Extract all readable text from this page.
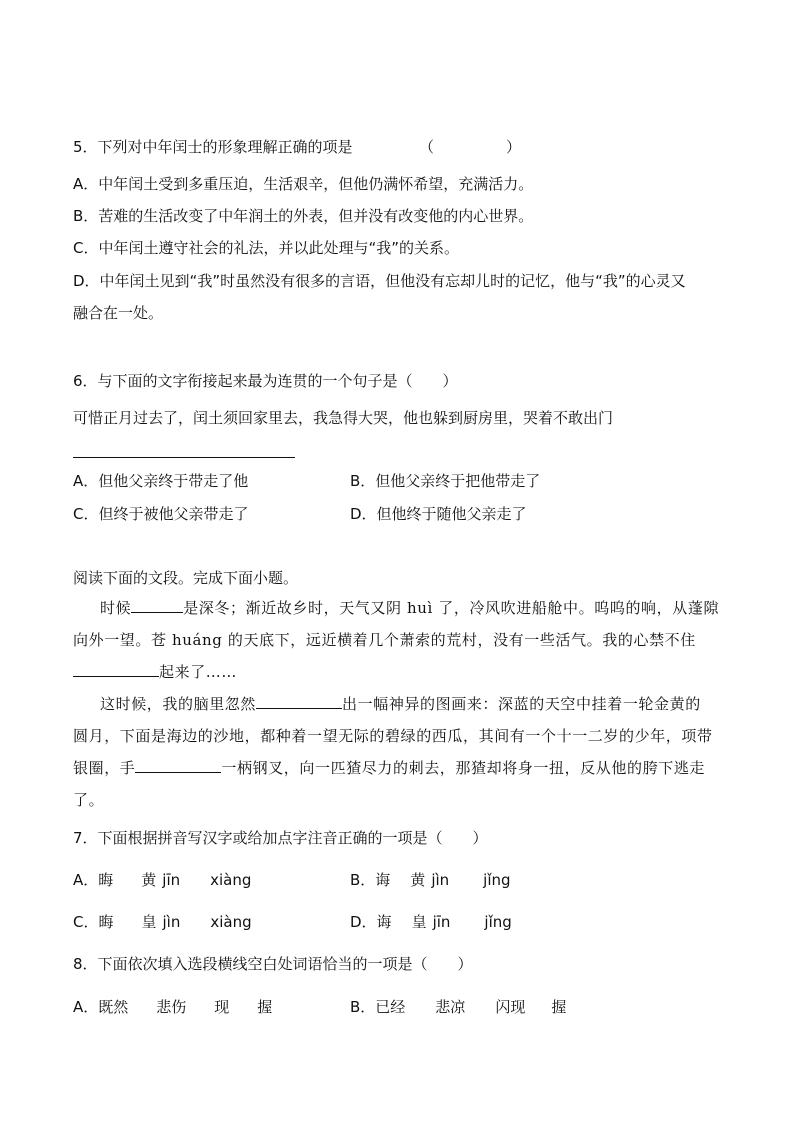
5．下列对中年闰士的形象理解正确的项是	（	）
A．中年闰土受到多重压迫，生活艰辛，但他仍满怀希望，充满活力。
B．苦难的生活改变了中年润土的外表，但并没有改变他的内心世界。
C．中年闰土遵守社会的礼法，并以此处理与“我”的关系。
D．中年闰土见到“我”时虽然没有很多的言语，但他没有忘却儿时的记忆，他与“我”的心灵又
融合在一处。
6．与下面的文字衔接起来最为连贯的一个句子是（　　）
可惜正月过去了，闰土须回家里去，我急得大哭，他也躲到厨房里，哭着不敢出门
A．但他父亲终于带走了他	B．但他父亲终于把他带走了
C．但终于被他父亲带走了	D．但他终于随他父亲走了
阅读下面的文段。完成下面小题。
时候	是深冬；渐近故乡时，天气又阴 huì 了，冷风吹进船舱中。呜呜的响，从蓬隙
向外一望。苍 huáng 的天底下，远近横着几个萧索的荒村，没有一些活气。我的心禁不住
起来了……
这时候，我的脑里忽然	出一幅神异的图画来：深蓝的天空中挂着一轮金黄的
圆月，下面是海边的沙地，都种着一望无际的碧绿的西瓜，其间有一个十一二岁的少年，项带
银圈，手	一柄钢叉，向一匹猹尽力的刺去，那猹却将身一扭，反从他的胯下逃走
了。
7．下面根据拼音写汉字或给加点字注音正确的一项是（　　）
A．晦 黄 jīn xiàng	B．诲 黄 jìn jǐng
C．晦 皇 jìn xiàng	D．诲 皇 jīn jǐng
8．下面依次填入选段横线空白处词语恰当的一项是（　　）
A．既然 悲伤 现 握	B．已经 悲凉 闪现 握
